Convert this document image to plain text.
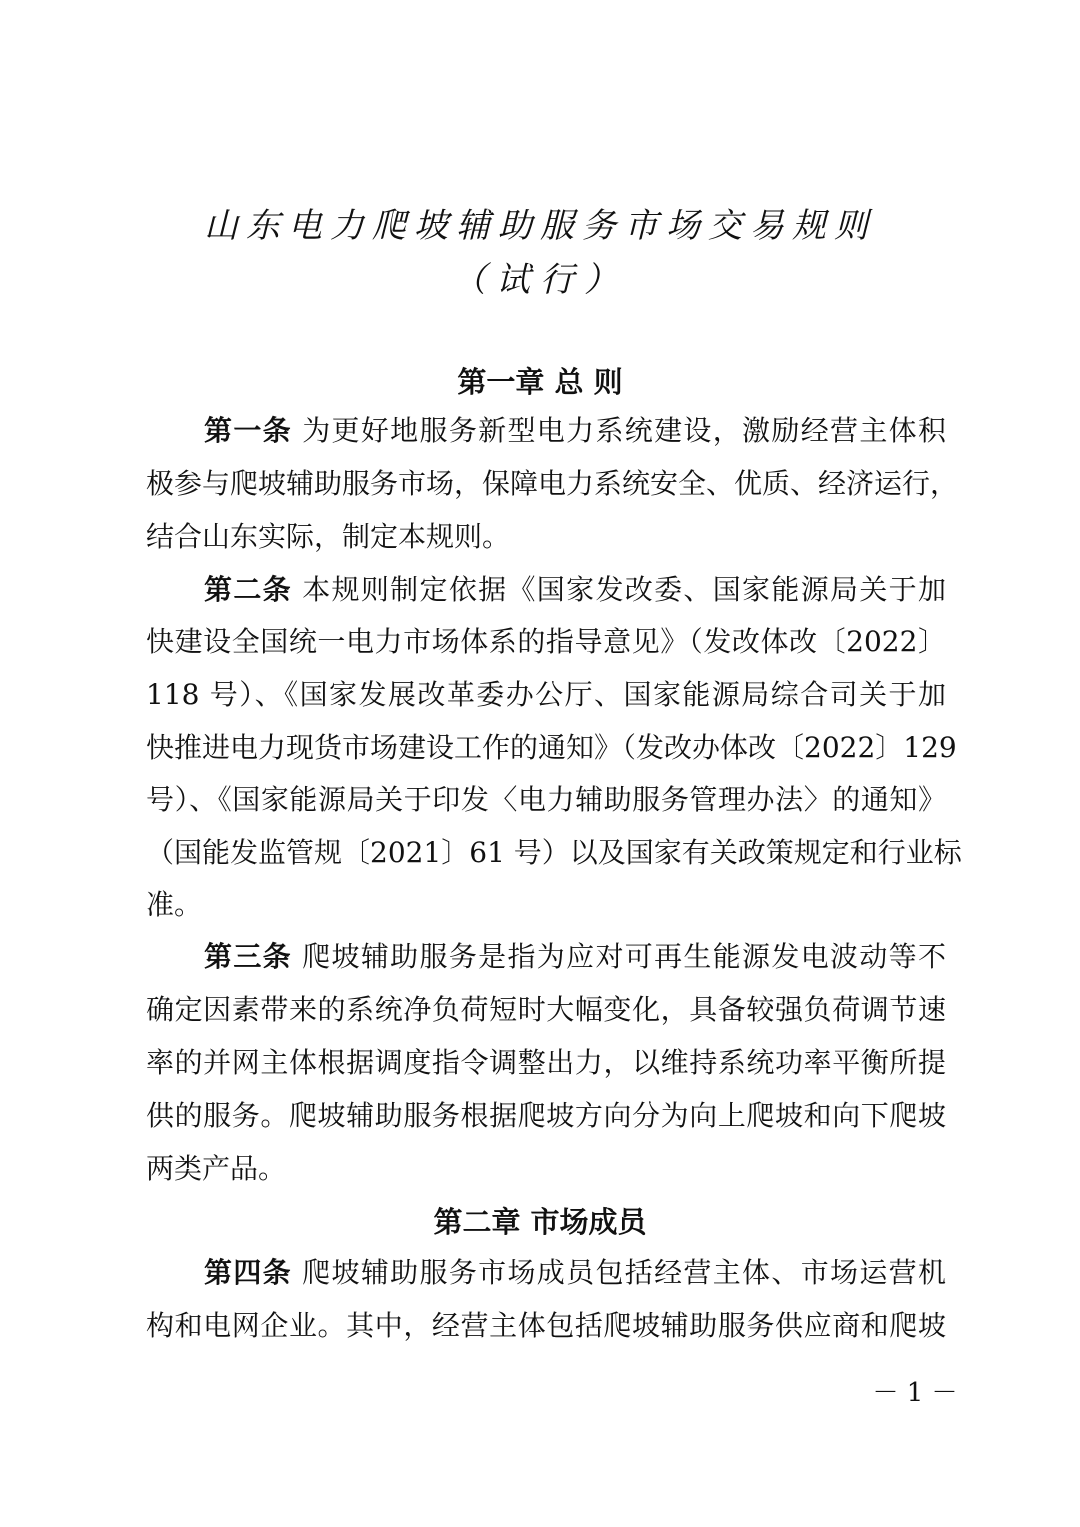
山东电力爬坡辅助服务市场交易规则
（试行）
第一章 总 则
第一条 为更好地服务新型电力系统建设，激励经营主体积
极参与爬坡辅助服务市场，保障电力系统安全、优质、经济运行，
结合山东实际，制定本规则。
第二条 本规则制定依据《国家发改委、国家能源局关于加
快建设全国统一电力市场体系的指导意见》（发改体改〔2022〕
118 号）、《国家发展改革委办公厅、国家能源局综合司关于加
快推进电力现货市场建设工作的通知》（发改办体改〔2022〕129
号）、《国家能源局关于印发〈电力辅助服务管理办法〉的通知》
（国能发监管规〔2021〕61 号）以及国家有关政策规定和行业标
准。
第三条 爬坡辅助服务是指为应对可再生能源发电波动等不
确定因素带来的系统净负荷短时大幅变化，具备较强负荷调节速
率的并网主体根据调度指令调整出力，以维持系统功率平衡所提
供的服务。爬坡辅助服务根据爬坡方向分为向上爬坡和向下爬坡
两类产品。
第二章 市场成员
第四条 爬坡辅助服务市场成员包括经营主体、市场运营机
构和电网企业。其中，经营主体包括爬坡辅助服务供应商和爬坡
－ 1 －
